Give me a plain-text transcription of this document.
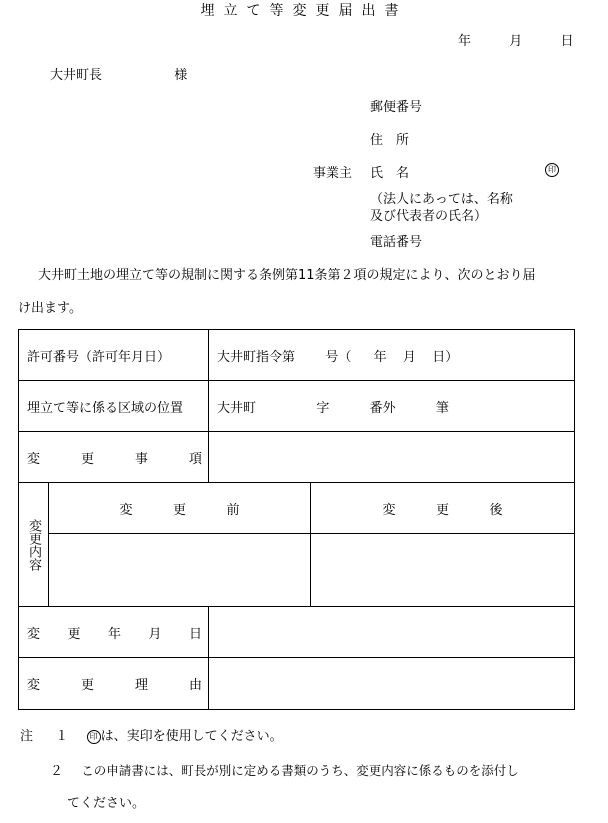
埋立て等変更届出書
年	月	日
大井町長	様
郵便番号
住　所
事業主 氏　名	印
（法人にあっては、名称
及び代表者の氏名）
電話番号
大井町土地の埋立て等の規制に関する条例第11条第２項の規定により、次のとおり届
け出ます。
許可番号（許可年月日）		大井町指令第 号（ 年 月 日）	
埋立て等に係る区域の位置		大井町 字 番外 筆	

変 更 事 項			

変更内容	変 更 前		変 更 後

変 更 年 月 日			

変 更 理 由			

注 １	印 は、実印を使用してください。
２ この申請書には、町長が別に定める書類のうち、変更内容に係るものを添付し
てください。
